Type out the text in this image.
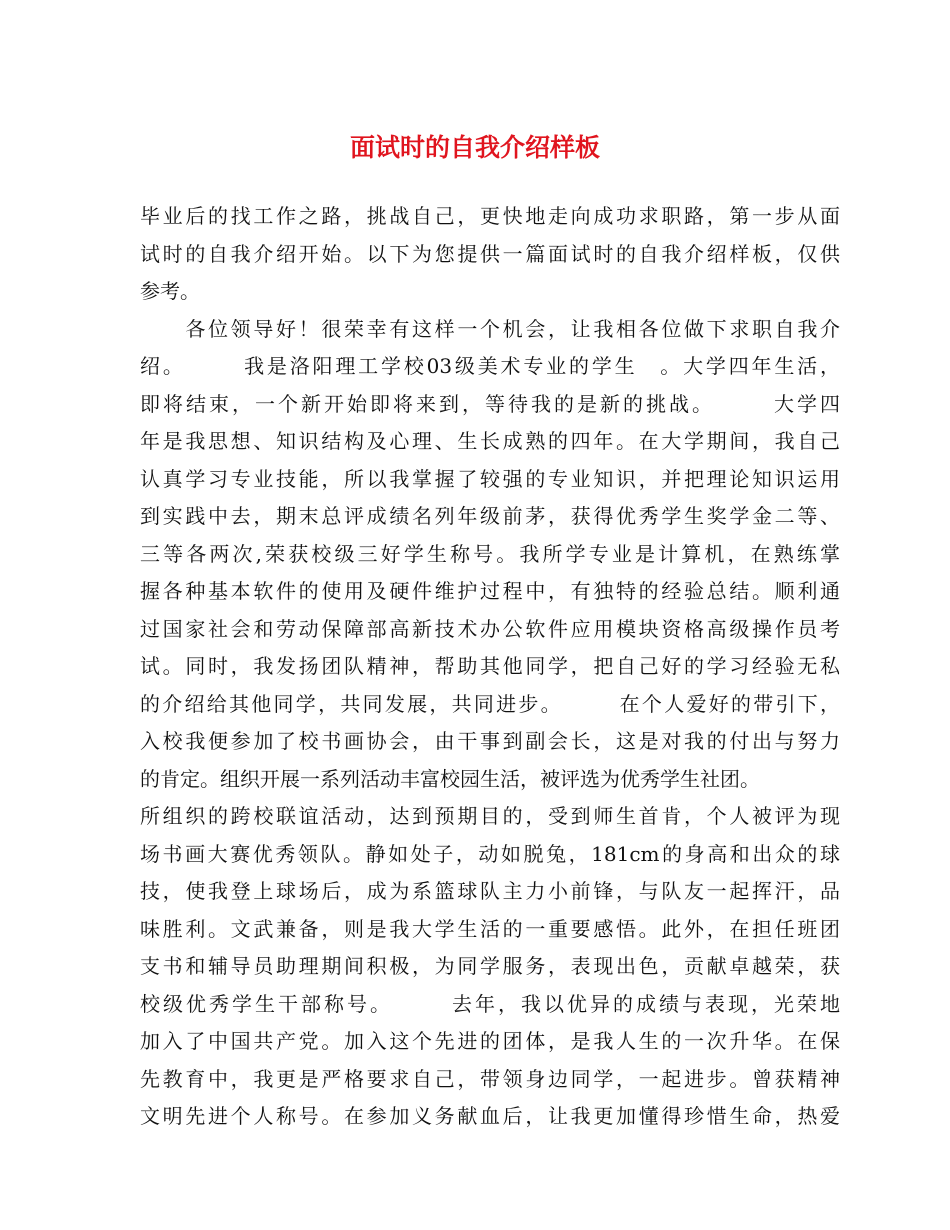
面试时的自我介绍样板

毕业后的找工作之路，挑战自己，更快地走向成功求职路，第一步从面

试时的自我介绍开始。以下为您提供一篇面试时的自我介绍样板，仅供

参考。

　　各位领导好！很荣幸有这样一个机会，让我相各位做下求职自我介

绍。　　　我是洛阳理工学校03级美术专业的学生　。大学四年生活，

即将结束，一个新开始即将来到，等待我的是新的挑战。　　　大学四

年是我思想、知识结构及心理、生长成熟的四年。在大学期间，我自己

认真学习专业技能，所以我掌握了较强的专业知识，并把理论知识运用

到实践中去，期末总评成绩名列年级前茅，获得优秀学生奖学金二等、

三等各两次,荣获校级三好学生称号。我所学专业是计算机，在熟练掌

握各种基本软件的使用及硬件维护过程中，有独特的经验总结。顺利通

过国家社会和劳动保障部高新技术办公软件应用模块资格高级操作员考

试。同时，我发扬团队精神，帮助其他同学，把自己好的学习经验无私

的介绍给其他同学，共同发展，共同进步。　　　在个人爱好的带引下，

入校我便参加了校书画协会，由干事到副会长，这是对我的付出与努力

的肯定。组织开展一系列活动丰富校园生活，被评选为优秀学生社团。

所组织的跨校联谊活动，达到预期目的，受到师生首肯，个人被评为现

场书画大赛优秀领队。静如处子，动如脱兔，181cm的身高和出众的球

技，使我登上球场后，成为系篮球队主力小前锋，与队友一起挥汗，品

味胜利。文武兼备，则是我大学生活的一重要感悟。此外，在担任班团

支书和辅导员助理期间积极，为同学服务，表现出色，贡献卓越荣，获

校级优秀学生干部称号。　　　去年，我以优异的成绩与表现，光荣地

加入了中国共产党。加入这个先进的团体，是我人生的一次升华。在保

先教育中，我更是严格要求自己，带领身边同学，一起进步。曾获精神

文明先进个人称号。在参加义务献血后，让我更加懂得珍惜生命，热爱
